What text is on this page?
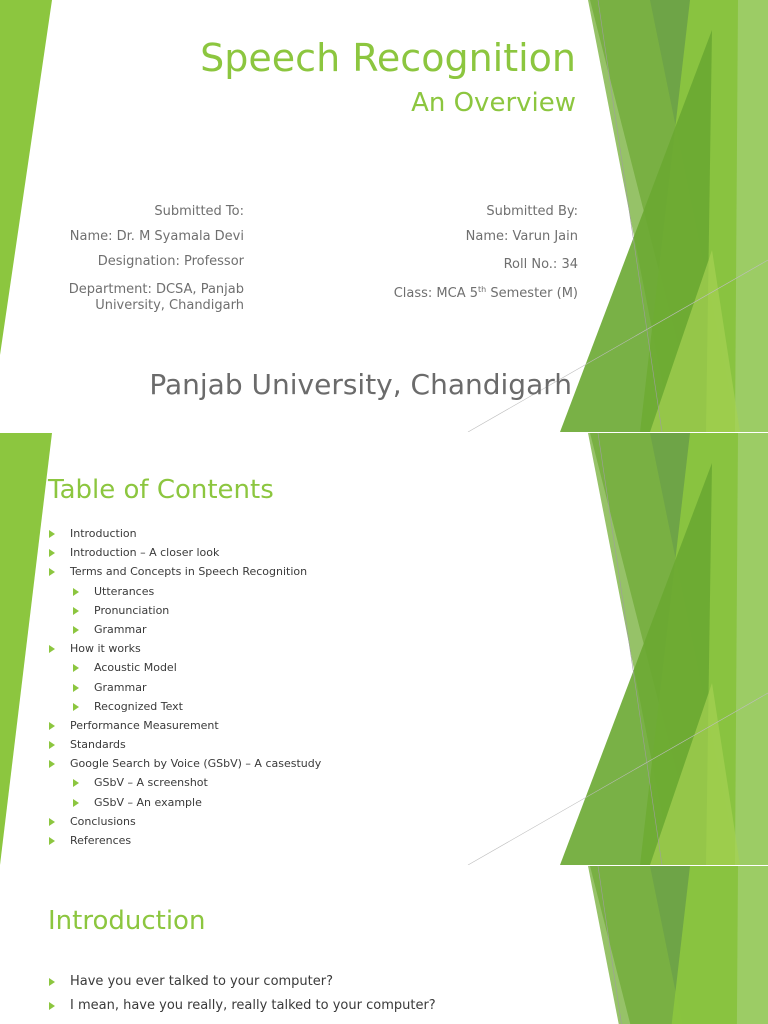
Speech Recognition
An Overview
Submitted To:
Name: Dr. M Syamala Devi
Designation: Professor
Department: DCSA, Panjab
University, Chandigarh
Submitted By:
Name: Varun Jain
Roll No.: 34
Class: MCA 5th Semester (M)
Panjab University, Chandigarh
Table of Contents
Introduction
Introduction – A closer look
Terms and Concepts in Speech Recognition
Utterances
Pronunciation
Grammar
How it works
Acoustic Model
Grammar
Recognized Text
Performance Measurement
Standards
Google Search by Voice (GSbV) – A casestudy
GSbV – A screenshot
GSbV – An example
Conclusions
References
Introduction
Have you ever talked to your computer?
I mean, have you really, really talked to your computer?
